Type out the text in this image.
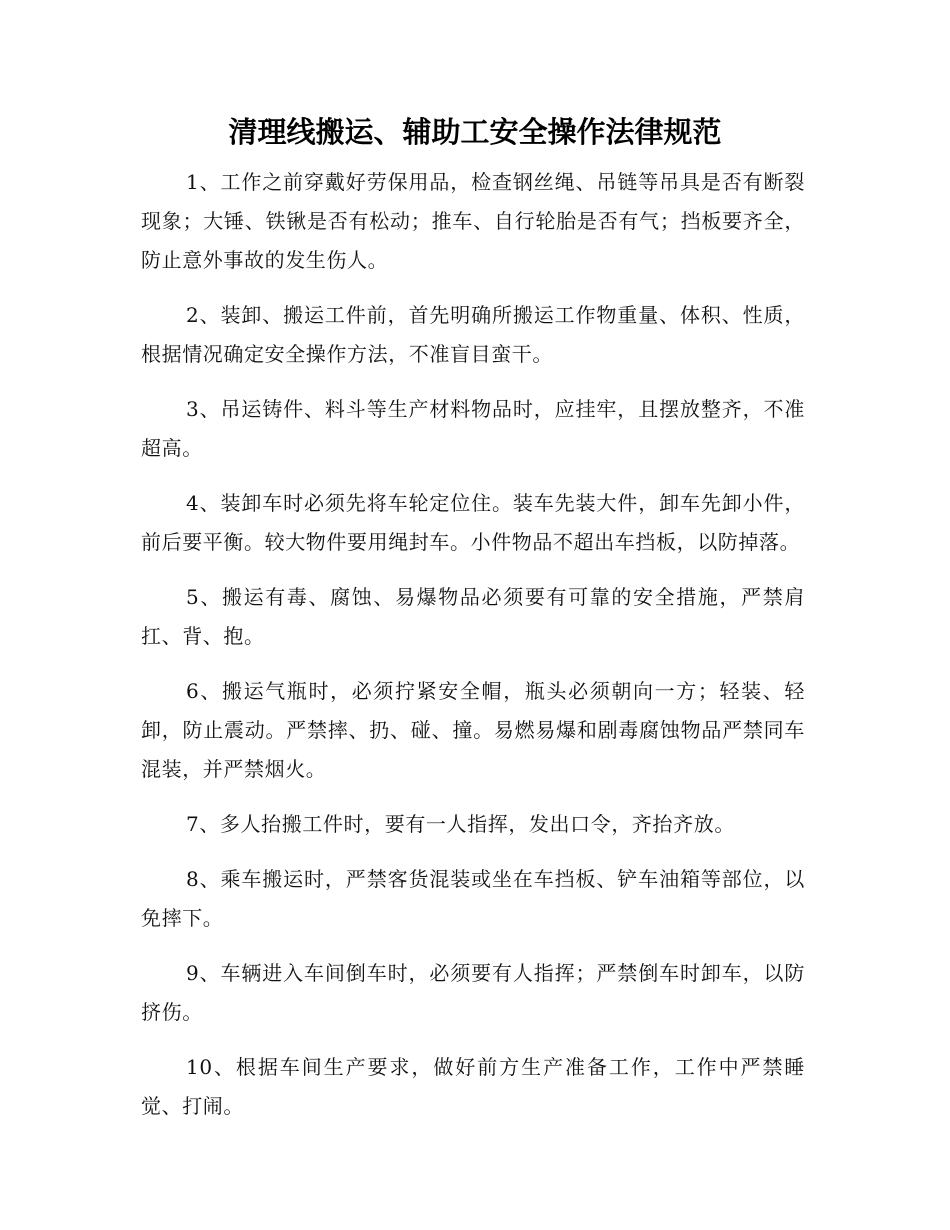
清理线搬运、辅助工安全操作法律规范

1、工作之前穿戴好劳保用品，检查钢丝绳、吊链等吊具是否有断裂现象；大锤、铁锹是否有松动；推车、自行轮胎是否有气；挡板要齐全，防止意外事故的发生伤人。

2、装卸、搬运工件前，首先明确所搬运工作物重量、体积、性质，根据情况确定安全操作方法，不准盲目蛮干。

3、吊运铸件、料斗等生产材料物品时，应挂牢，且摆放整齐，不准超高。

4、装卸车时必须先将车轮定位住。装车先装大件，卸车先卸小件，前后要平衡。较大物件要用绳封车。小件物品不超出车挡板，以防掉落。

5、搬运有毒、腐蚀、易爆物品必须要有可靠的安全措施，严禁肩扛、背、抱。

6、搬运气瓶时，必须拧紧安全帽，瓶头必须朝向一方；轻装、轻卸，防止震动。严禁摔、扔、碰、撞。易燃易爆和剧毒腐蚀物品严禁同车混装，并严禁烟火。

7、多人抬搬工件时，要有一人指挥，发出口令，齐抬齐放。

8、乘车搬运时，严禁客货混装或坐在车挡板、铲车油箱等部位，以免摔下。

9、车辆进入车间倒车时，必须要有人指挥；严禁倒车时卸车，以防挤伤。

10、根据车间生产要求，做好前方生产准备工作，工作中严禁睡觉、打闹。
